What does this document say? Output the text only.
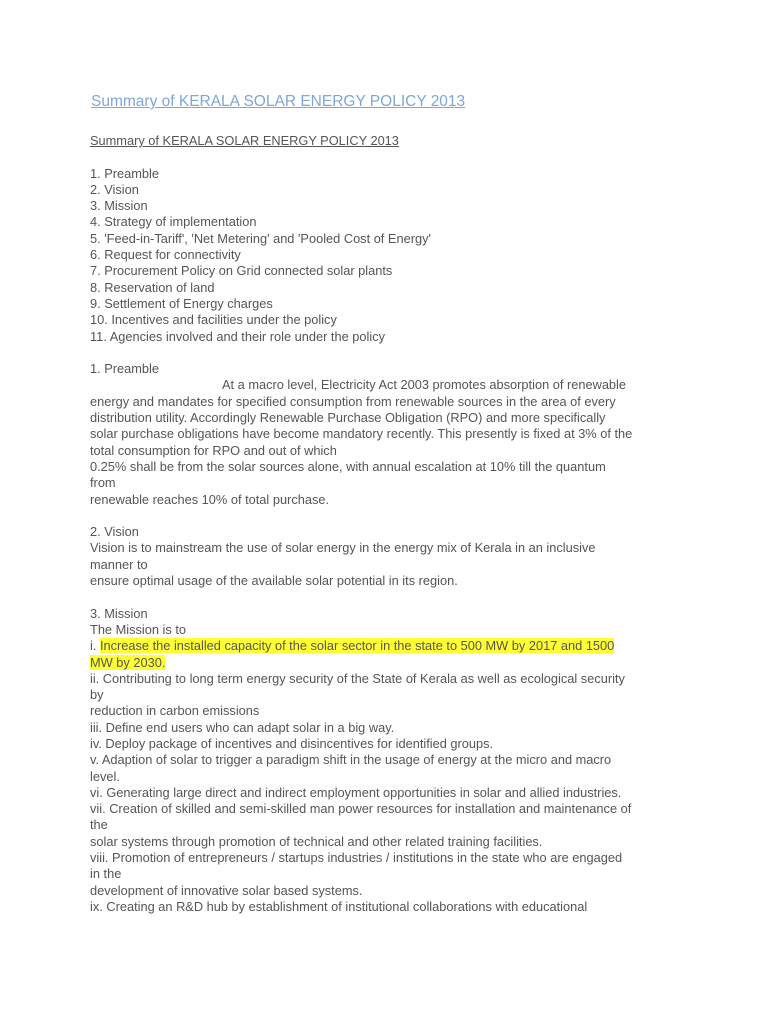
Summary of KERALA SOLAR ENERGY POLICY 2013
Summary of KERALA SOLAR ENERGY POLICY 2013
1. Preamble
2. Vision
3. Mission
4. Strategy of implementation
5. 'Feed-in-Tariff', 'Net Metering' and 'Pooled Cost of Energy'
6. Request for connectivity
7. Procurement Policy on Grid connected solar plants
8. Reservation of land
9. Settlement of Energy charges
10. Incentives and facilities under the policy
11. Agencies involved and their role under the policy
1. Preamble
At a macro level, Electricity Act 2003 promotes absorption of renewable
energy and mandates for specified consumption from renewable sources in the area of every
distribution utility. Accordingly Renewable Purchase Obligation (RPO) and more specifically
solar purchase obligations have become mandatory recently. This presently is fixed at 3% of the
total consumption for RPO and out of which
0.25% shall be from the solar sources alone, with annual escalation at 10% till the quantum
from
renewable reaches 10% of total purchase.
2. Vision
Vision is to mainstream the use of solar energy in the energy mix of Kerala in an inclusive
manner to
ensure optimal usage of the available solar potential in its region.
3. Mission
The Mission is to
i. Increase the installed capacity of the solar sector in the state to 500 MW by 2017 and 1500
MW by 2030.
ii. Contributing to long term energy security of the State of Kerala as well as ecological security
by
reduction in carbon emissions
iii. Define end users who can adapt solar in a big way.
iv. Deploy package of incentives and disincentives for identified groups.
v. Adaption of solar to trigger a paradigm shift in the usage of energy at the micro and macro
level.
vi. Generating large direct and indirect employment opportunities in solar and allied industries.
vii. Creation of skilled and semi-skilled man power resources for installation and maintenance of
the
solar systems through promotion of technical and other related training facilities.
viii. Promotion of entrepreneurs / startups industries / institutions in the state who are engaged
in the
development of innovative solar based systems.
ix. Creating an R&D hub by establishment of institutional collaborations with educational
